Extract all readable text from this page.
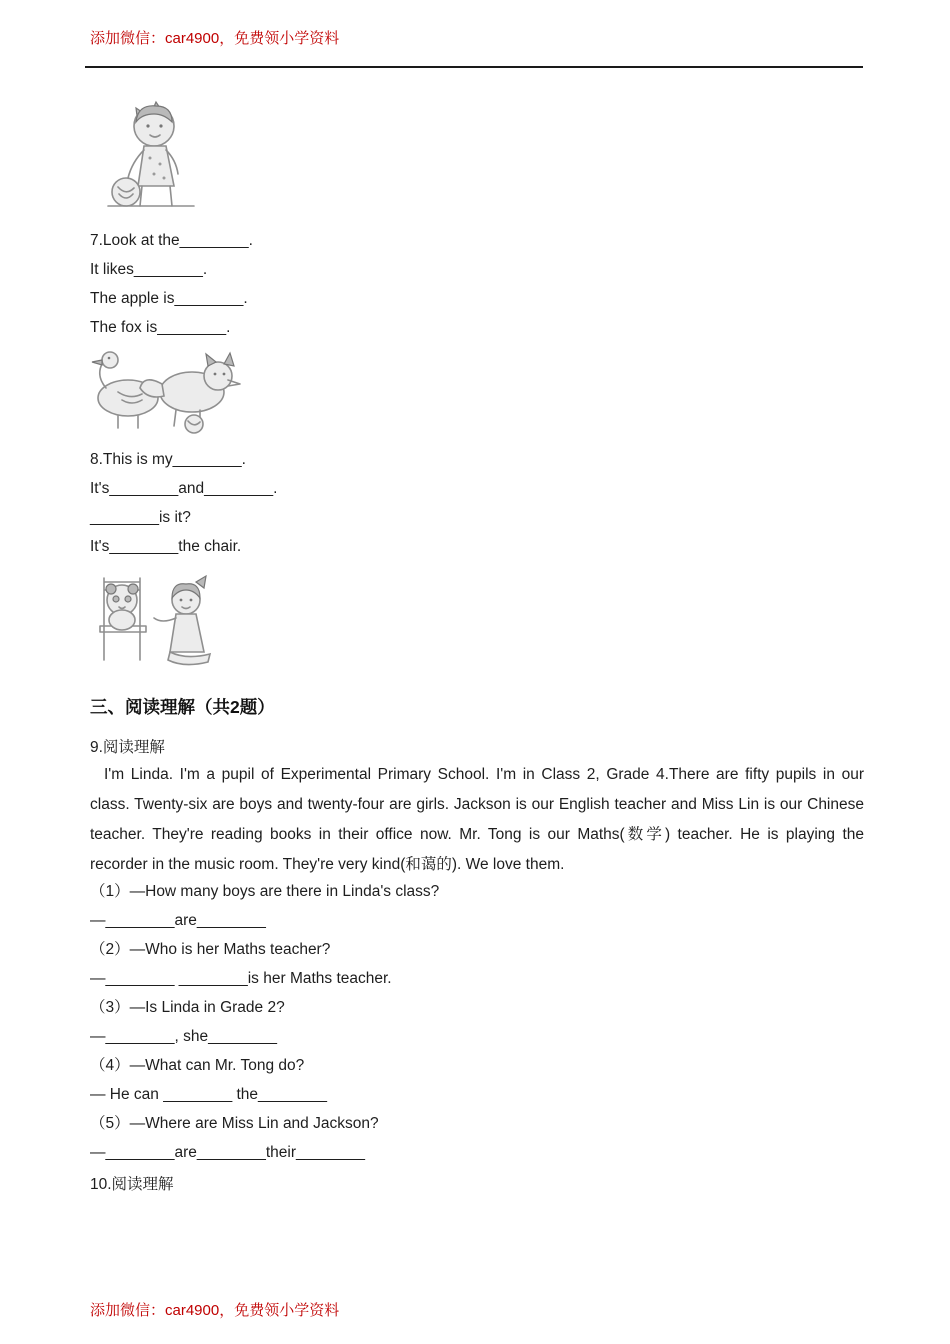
添加微信：car4900，免费领小学资料
7.Look at the________.
It likes________.
The apple is________.
The fox is________.
8.This is my________.
It's________and________.
________is it?
It's________the chair.
三、阅读理解（共2题）
9.阅读理解
I'm Linda. I'm a pupil of Experimental Primary School. I'm in Class 2, Grade 4.There are fifty pupils in our class. Twenty-six are boys and twenty-four are girls. Jackson is our English teacher and Miss Lin is our Chinese teacher. They're reading books in their office now. Mr. Tong is our Maths(数学) teacher. He is playing the recorder in the music room. They're very kind(和蔼的). We love them.
（1）—How many boys are there in Linda's class?
—________are________
（2）—Who is her Maths teacher?
—________ ________is her Maths teacher.
（3）—Is Linda in Grade 2?
—________, she________
（4）—What can Mr. Tong do?
— He can ________ the________
（5）—Where are Miss Lin and Jackson?
—________are________their________
10.阅读理解
添加微信：car4900，免费领小学资料
